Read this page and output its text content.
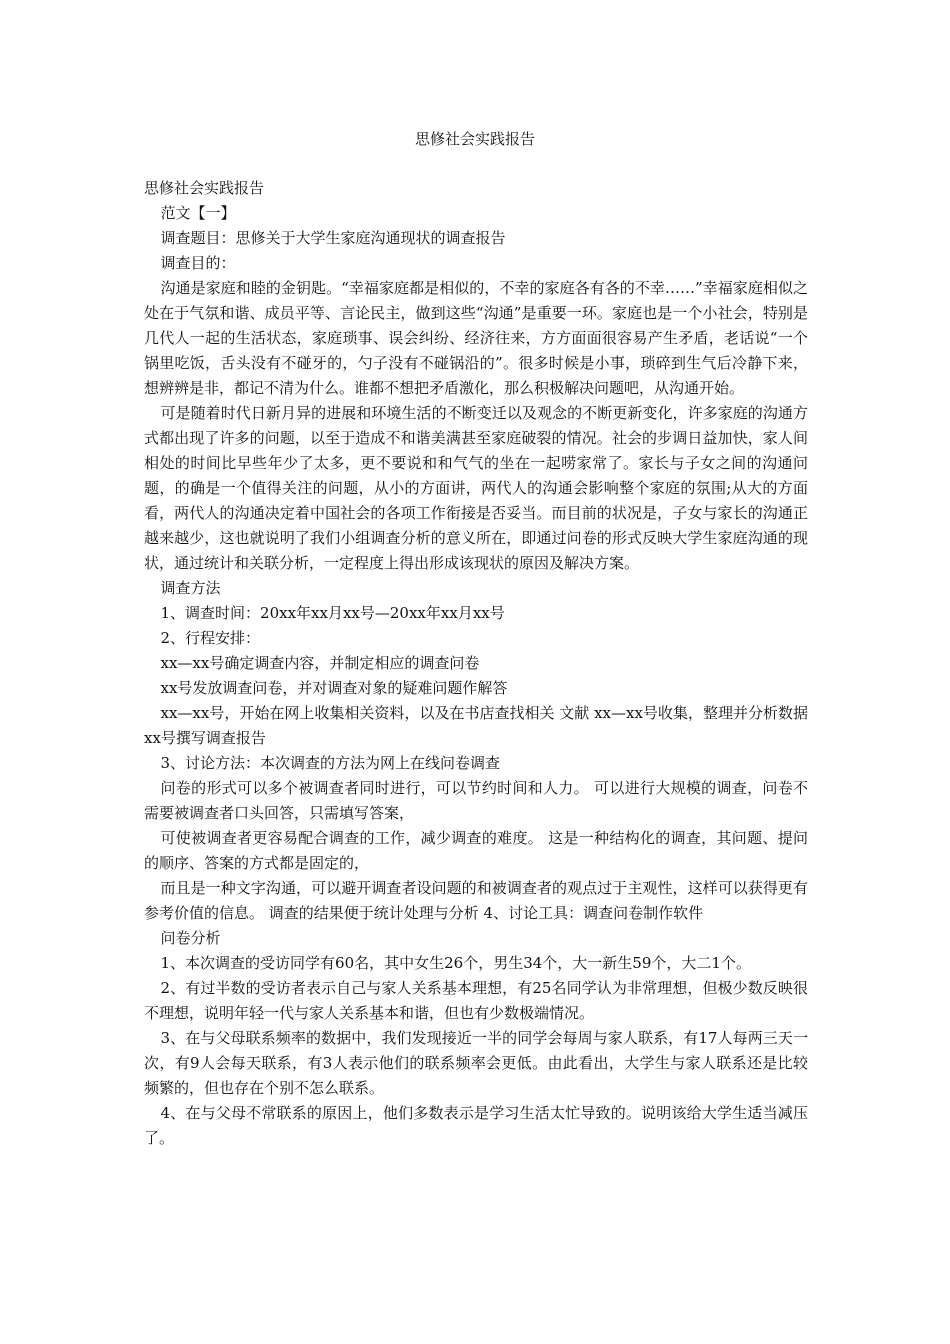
思修社会实践报告

思修社会实践报告

范文【一】

调查题目：思修关于大学生家庭沟通现状的调查报告

调查目的：

沟通是家庭和睦的金钥匙。“幸福家庭都是相似的，不幸的家庭各有各的不幸……”幸福家庭相似之处在于气氛和谐、成员平等、言论民主，做到这些“沟通”是重要一环。家庭也是一个小社会，特别是几代人一起的生活状态，家庭琐事、误会纠纷、经济往来，方方面面很容易产生矛盾，老话说“一个锅里吃饭，舌头没有不碰牙的，勺子没有不碰锅沿的”。很多时候是小事，琐碎到生气后冷静下来，想辨辨是非，都记不清为什么。谁都不想把矛盾激化，那么积极解决问题吧，从沟通开始。

可是随着时代日新月异的进展和环境生活的不断变迁以及观念的不断更新变化，许多家庭的沟通方式都出现了许多的问题，以至于造成不和谐美满甚至家庭破裂的情况。社会的步调日益加快，家人间相处的时间比早些年少了太多，更不要说和和气气的坐在一起唠家常了。家长与子女之间的沟通问题，的确是一个值得关注的问题，从小的方面讲，两代人的沟通会影响整个家庭的氛围;从大的方面看，两代人的沟通决定着中国社会的各项工作衔接是否妥当。而目前的状况是，子女与家长的沟通正越来越少，这也就说明了我们小组调查分析的意义所在，即通过问卷的形式反映大学生家庭沟通的现状，通过统计和关联分析，一定程度上得出形成该现状的原因及解决方案。

调查方法

1、调查时间：20xx年xx月xx号—20xx年xx月xx号

2、行程安排：

xx—xx号确定调查内容，并制定相应的调查问卷

xx号发放调查问卷，并对调查对象的疑难问题作解答

xx—xx号，开始在网上收集相关资料，以及在书店查找相关 文献 xx—xx号收集，整理并分析数据 xx号撰写调查报告

3、讨论方法：本次调查的方法为网上在线问卷调查

问卷的形式可以多个被调查者同时进行，可以节约时间和人力。 可以进行大规模的调查，问卷不需要被调查者口头回答，只需填写答案，

可使被调查者更容易配合调查的工作，减少调查的难度。 这是一种结构化的调查，其问题、提问的顺序、答案的方式都是固定的，

而且是一种文字沟通，可以避开调查者设问题的和被调查者的观点过于主观性，这样可以获得更有参考价值的信息。 调查的结果便于统计处理与分析 4、讨论工具：调查问卷制作软件

问卷分析

1、本次调查的受访同学有60名，其中女生26个，男生34个，大一新生59个，大二1个。

2、有过半数的受访者表示自己与家人关系基本理想，有25名同学认为非常理想，但极少数反映很不理想，说明年轻一代与家人关系基本和谐，但也有少数极端情况。

3、在与父母联系频率的数据中，我们发现接近一半的同学会每周与家人联系，有17人每两三天一次，有9人会每天联系，有3人表示他们的联系频率会更低。由此看出，大学生与家人联系还是比较频繁的，但也存在个别不怎么联系。

4、在与父母不常联系的原因上，他们多数表示是学习生活太忙导致的。说明该给大学生适当减压了。
